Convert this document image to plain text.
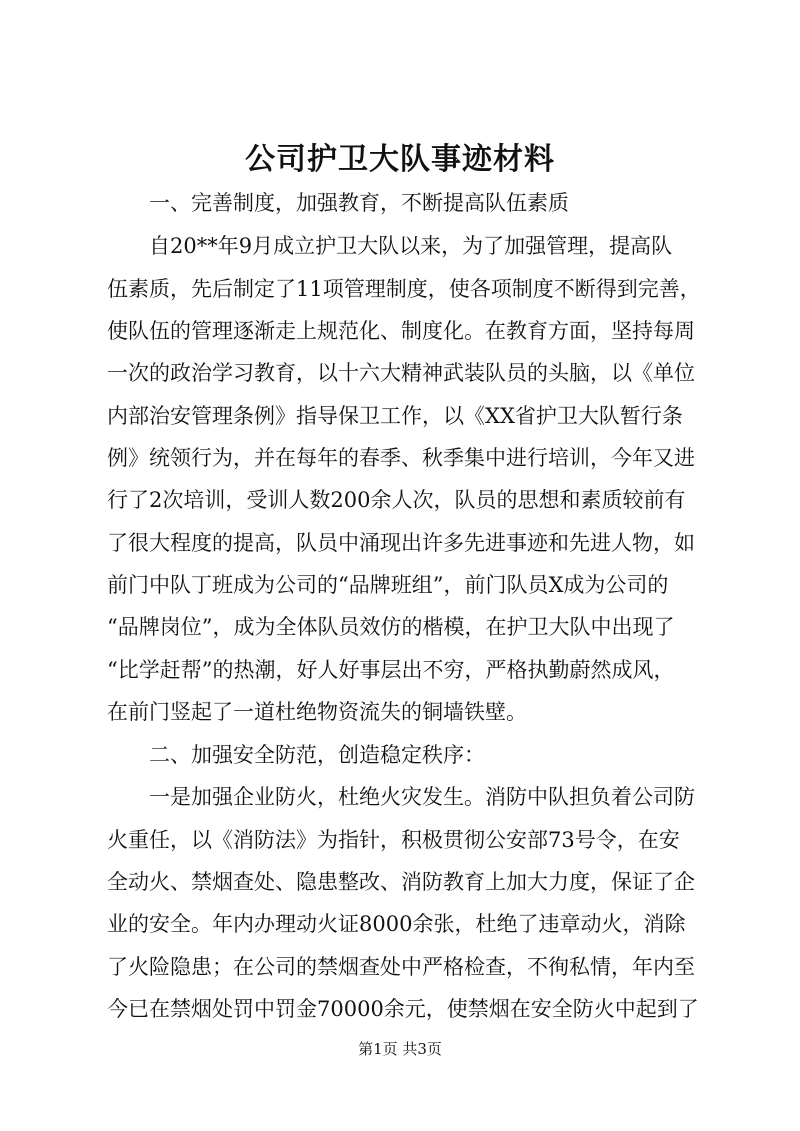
公司护卫大队事迹材料

一、完善制度，加强教育，不断提高队伍素质

自20**年9月成立护卫大队以来，为了加强管理，提高队

伍素质，先后制定了11项管理制度，使各项制度不断得到完善，

使队伍的管理逐渐走上规范化、制度化。在教育方面，坚持每周

一次的政治学习教育，以十六大精神武装队员的头脑，以《单位

内部治安管理条例》指导保卫工作，以《XX省护卫大队暂行条

例》统领行为，并在每年的春季、秋季集中进行培训，今年又进

行了2次培训，受训人数200余人次，队员的思想和素质较前有

了很大程度的提高，队员中涌现出许多先进事迹和先进人物，如

前门中队丁班成为公司的“品牌班组”，前门队员X成为公司的

“品牌岗位”，成为全体队员效仿的楷模，在护卫大队中出现了

“比学赶帮”的热潮，好人好事层出不穷，严格执勤蔚然成风，

在前门竖起了一道杜绝物资流失的铜墙铁壁。

二、加强安全防范，创造稳定秩序：

一是加强企业防火，杜绝火灾发生。消防中队担负着公司防

火重任，以《消防法》为指针，积极贯彻公安部73号令，在安

全动火、禁烟查处、隐患整改、消防教育上加大力度，保证了企

业的安全。年内办理动火证8000余张，杜绝了违章动火，消除

了火险隐患；在公司的禁烟查处中严格检查，不徇私情，年内至

今已在禁烟处罚中罚金70000余元，使禁烟在安全防火中起到了

第1页 共3页
